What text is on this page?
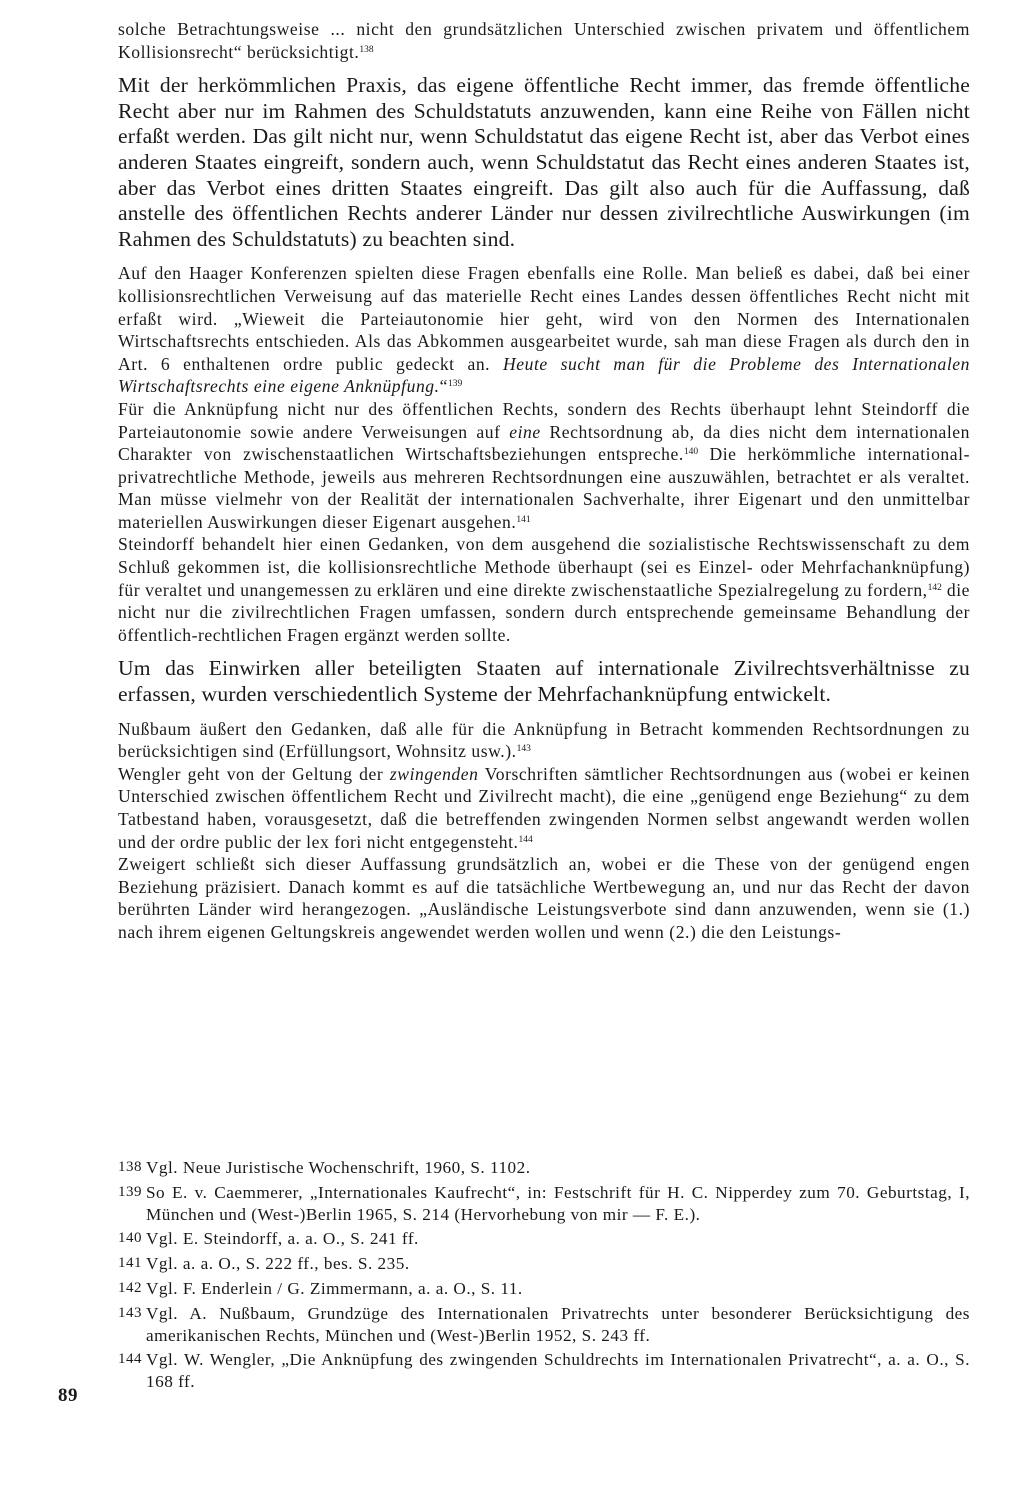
solche Betrachtungsweise ... nicht den grundsätzlichen Unterschied zwischen privatem und öffentlichem Kollisionsrecht“ berücksichtigt.$^{138}$

Mit der herkömmlichen Praxis, das eigene öffentliche Recht immer, das fremde öffentliche Recht aber nur im Rahmen des Schuldstatuts anzuwenden, kann eine Reihe von Fällen nicht erfaßt werden. Das gilt nicht nur, wenn Schuldstatut das eigene Recht ist, aber das Verbot eines anderen Staates eingreift, sondern auch, wenn Schuldstatut das Recht eines anderen Staates ist, aber das Verbot eines dritten Staates eingreift. Das gilt also auch für die Auffassung, daß anstelle des öffentlichen Rechts anderer Länder nur dessen zivilrechtliche Auswirkungen (im Rahmen des Schuldstatuts) zu beachten sind.

Auf den Haager Konferenzen spielten diese Fragen ebenfalls eine Rolle. Man beließ es dabei, daß bei einer kollisionsrechtlichen Verweisung auf das materielle Recht eines Landes dessen öffentliches Recht nicht mit erfaßt wird. „Wieweit die Parteiautonomie hier geht, wird von den Normen des Internationalen Wirtschaftsrechts entschieden. Als das Abkommen ausgearbeitet wurde, sah man diese Fragen als durch den in Art. 6 enthaltenen ordre public gedeckt an. Heute sucht man für die Probleme des Internationalen Wirtschaftsrechts eine eigene Anknüpfung.“$^{139}$

Für die Anknüpfung nicht nur des öffentlichen Rechts, sondern des Rechts überhaupt lehnt Steindorff die Parteiautonomie sowie andere Verweisungen auf eine Rechtsordnung ab, da dies nicht dem internationalen Charakter von zwischenstaatlichen Wirtschaftsbeziehungen entspreche.$^{140}$ Die herkömmliche international-privatrechtliche Methode, jeweils aus mehreren Rechtsordnungen eine auszuwählen, betrachtet er als veraltet. Man müsse vielmehr von der Realität der internationalen Sachverhalte, ihrer Eigenart und den unmittelbar materiellen Auswirkungen dieser Eigenart ausgehen.$^{141}$

Steindorff behandelt hier einen Gedanken, von dem ausgehend die sozialistische Rechtswissenschaft zu dem Schluß gekommen ist, die kollisionsrechtliche Methode überhaupt (sei es Einzel- oder Mehrfachanknüpfung) für veraltet und unangemessen zu erklären und eine direkte zwischenstaatliche Spezialregelung zu fordern,$^{142}$ die nicht nur die zivilrechtlichen Fragen umfassen, sondern durch entsprechende gemeinsame Behandlung der öffentlich-rechtlichen Fragen ergänzt werden sollte.

Um das Einwirken aller beteiligten Staaten auf internationale Zivilrechtsverhältnisse zu erfassen, wurden verschiedentlich Systeme der Mehrfachanknüpfung entwickelt.

Nußbaum äußert den Gedanken, daß alle für die Anknüpfung in Betracht kommenden Rechtsordnungen zu berücksichtigen sind (Erfüllungsort, Wohnsitz usw.).$^{143}$

Wengler geht von der Geltung der zwingenden Vorschriften sämtlicher Rechtsordnungen aus (wobei er keinen Unterschied zwischen öffentlichem Recht und Zivilrecht macht), die eine „genügend enge Beziehung“ zu dem Tatbestand haben, vorausgesetzt, daß die betreffenden zwingenden Normen selbst angewandt werden wollen und der ordre public der lex fori nicht entgegensteht.$^{144}$

Zweigert schließt sich dieser Auffassung grundsätzlich an, wobei er die These von der genügend engen Beziehung präzisiert. Danach kommt es auf die tatsächliche Wertbewegung an, und nur das Recht der davon berührten Länder wird herangezogen. „Ausländische Leistungsverbote sind dann anzuwenden, wenn sie (1.) nach ihrem eigenen Geltungskreis angewendet werden wollen und wenn (2.) die den Leistungs-

138 Vgl. Neue Juristische Wochenschrift, 1960, S. 1102.
139 So E. v. Caemmerer, „Internationales Kaufrecht“, in: Festschrift für H. C. Nipperdey zum 70. Geburtstag, I, München und (West-)Berlin 1965, S. 214 (Hervorhebung von mir — F. E.).
140 Vgl. E. Steindorff, a. a. O., S. 241 ff.
141 Vgl. a. a. O., S. 222 ff., bes. S. 235.
142 Vgl. F. Enderlein / G. Zimmermann, a. a. O., S. 11.
143 Vgl. A. Nußbaum, Grundzüge des Internationalen Privatrechts unter besonderer Berücksichtigung des amerikanischen Rechts, München und (West-)Berlin 1952, S. 243 ff.
144 Vgl. W. Wengler, „Die Anknüpfung des zwingenden Schuldrechts im Internationalen Privatrecht“, a. a. O., S. 168 ff.
89
